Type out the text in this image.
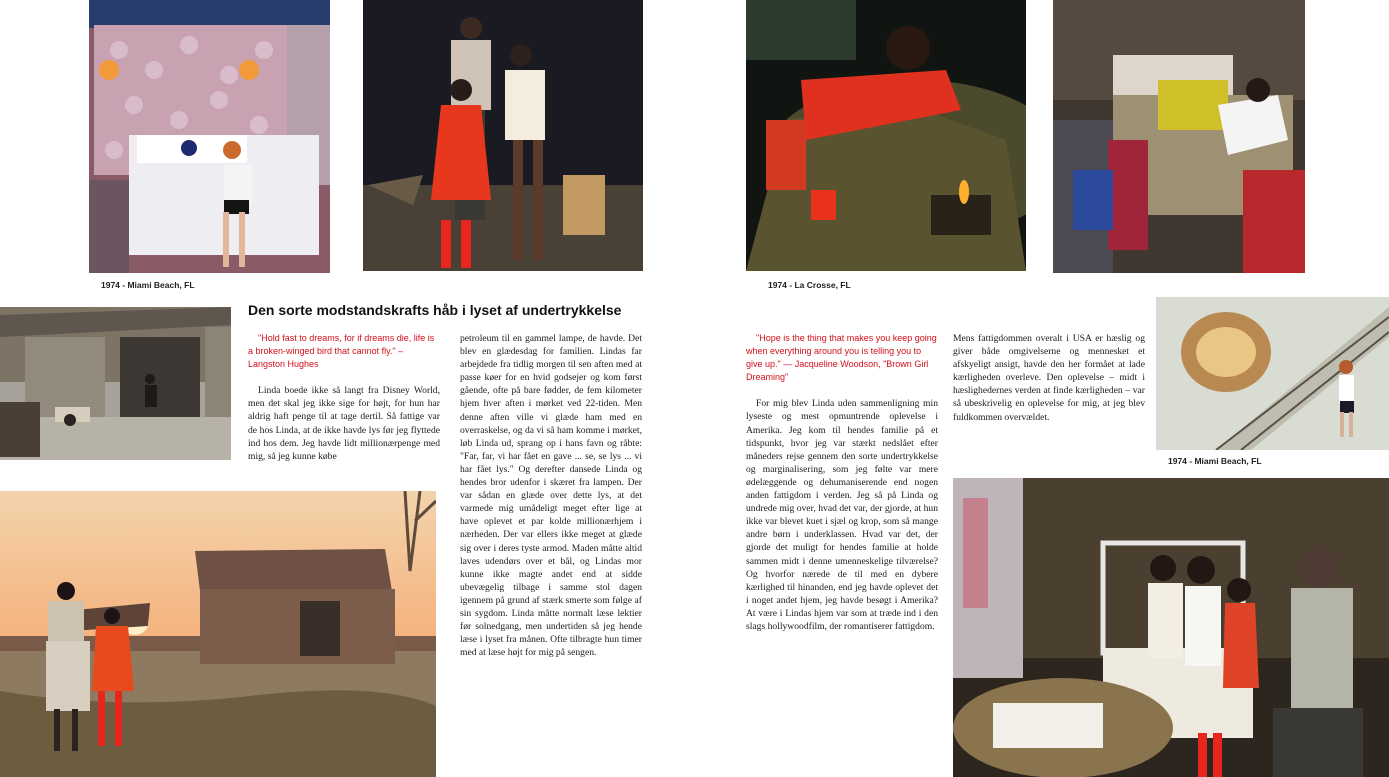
1974 - Miami Beach, FL	1974 - La Crosse, FL
1974 - Miami Beach, FL
Den sorte modstandskrafts håb i lyset af undertrykkelse

"Hold fast to dreams, for if dreams die, life is a broken-winged bird that cannot fly." – Langston Hughes

Linda boede ikke så langt fra Disney World, men det skal jeg ikke sige for højt, for hun har aldrig haft penge til at tage dertil. Så fattige var de hos Linda, at de ikke havde lys før jeg flyttede ind hos dem. Jeg havde lidt millionærpenge med mig, så jeg kunne købe

petroleum til en gammel lampe, de havde. Det blev en glædesdag for familien. Lindas far arbejdede fra tidlig morgen til sen aften med at passe køer for en hvid godsejer og kom først gående, ofte på bare fødder, de fem kilometer hjem hver aften i mørket ved 22-tiden. Men denne aften ville vi glæde ham med en overraskelse, og da vi så ham komme i mørket, løb Linda ud, sprang op i hans favn og råbte: "Far, far, vi har fået en gave ... se, se lys ... vi har fået lys." Og derefter dansede Linda og hendes bror udenfor i skæret fra lampen. Der var sådan en glæde over dette lys, at det varmede mig umådeligt meget efter lige at have oplevet et par kolde millionærhjem i nærheden. Der var ellers ikke meget at glæde sig over i deres tyste armod. Maden måtte altid laves udendørs over et bål, og Lindas mor kunne ikke magte andet end at sidde ubevægelig tilbage i samme stol dagen igennem på grund af stærk smerte som følge af sin sygdom. Linda måtte normalt læse lektier før solnedgang, men undertiden så jeg hende læse i lyset fra månen. Ofte tilbragte hun timer med at læse højt for mig på sengen.

"Hope is the thing that makes you keep going when everything around you is telling you to give up." — Jacqueline Woodson, "Brown Girl Dreaming"

For mig blev Linda uden sammenligning min lyseste og mest opmuntrende oplevelse i Amerika. Jeg kom til hendes familie på et tidspunkt, hvor jeg var stærkt nedslået efter måneders rejse gennem den sorte undertrykkelse og marginalisering, som jeg følte var mere ødelæggende og dehumaniserende end nogen anden fattigdom i verden. Jeg så på Linda og undrede mig over, hvad det var, der gjorde, at hun ikke var blevet kuet i sjæl og krop, som så mange andre børn i underklassen. Hvad var det, der gjorde det muligt for hendes familie at holde sammen midt i denne umenneskelige tilværelse? Og hvorfor nærede de til med en dybere kærlighed til hinanden, end jeg havde oplevet det i noget andet hjem, jeg havde besøgt i Amerika? At være i Lindas hjem var som at træde ind i den slags hollywoodfilm, der romantiserer fattigdom.

Mens fattigdommen overalt i USA er hæslig og giver både omgivelserne og mennesket et afskyeligt ansigt, havde den her formået at lade kærligheden overleve. Den oplevelse – midt i hæslighedernes verden at finde kærligheden – var så ubeskrivelig en oplevelse for mig, at jeg blev fuldkommen overvældet.
